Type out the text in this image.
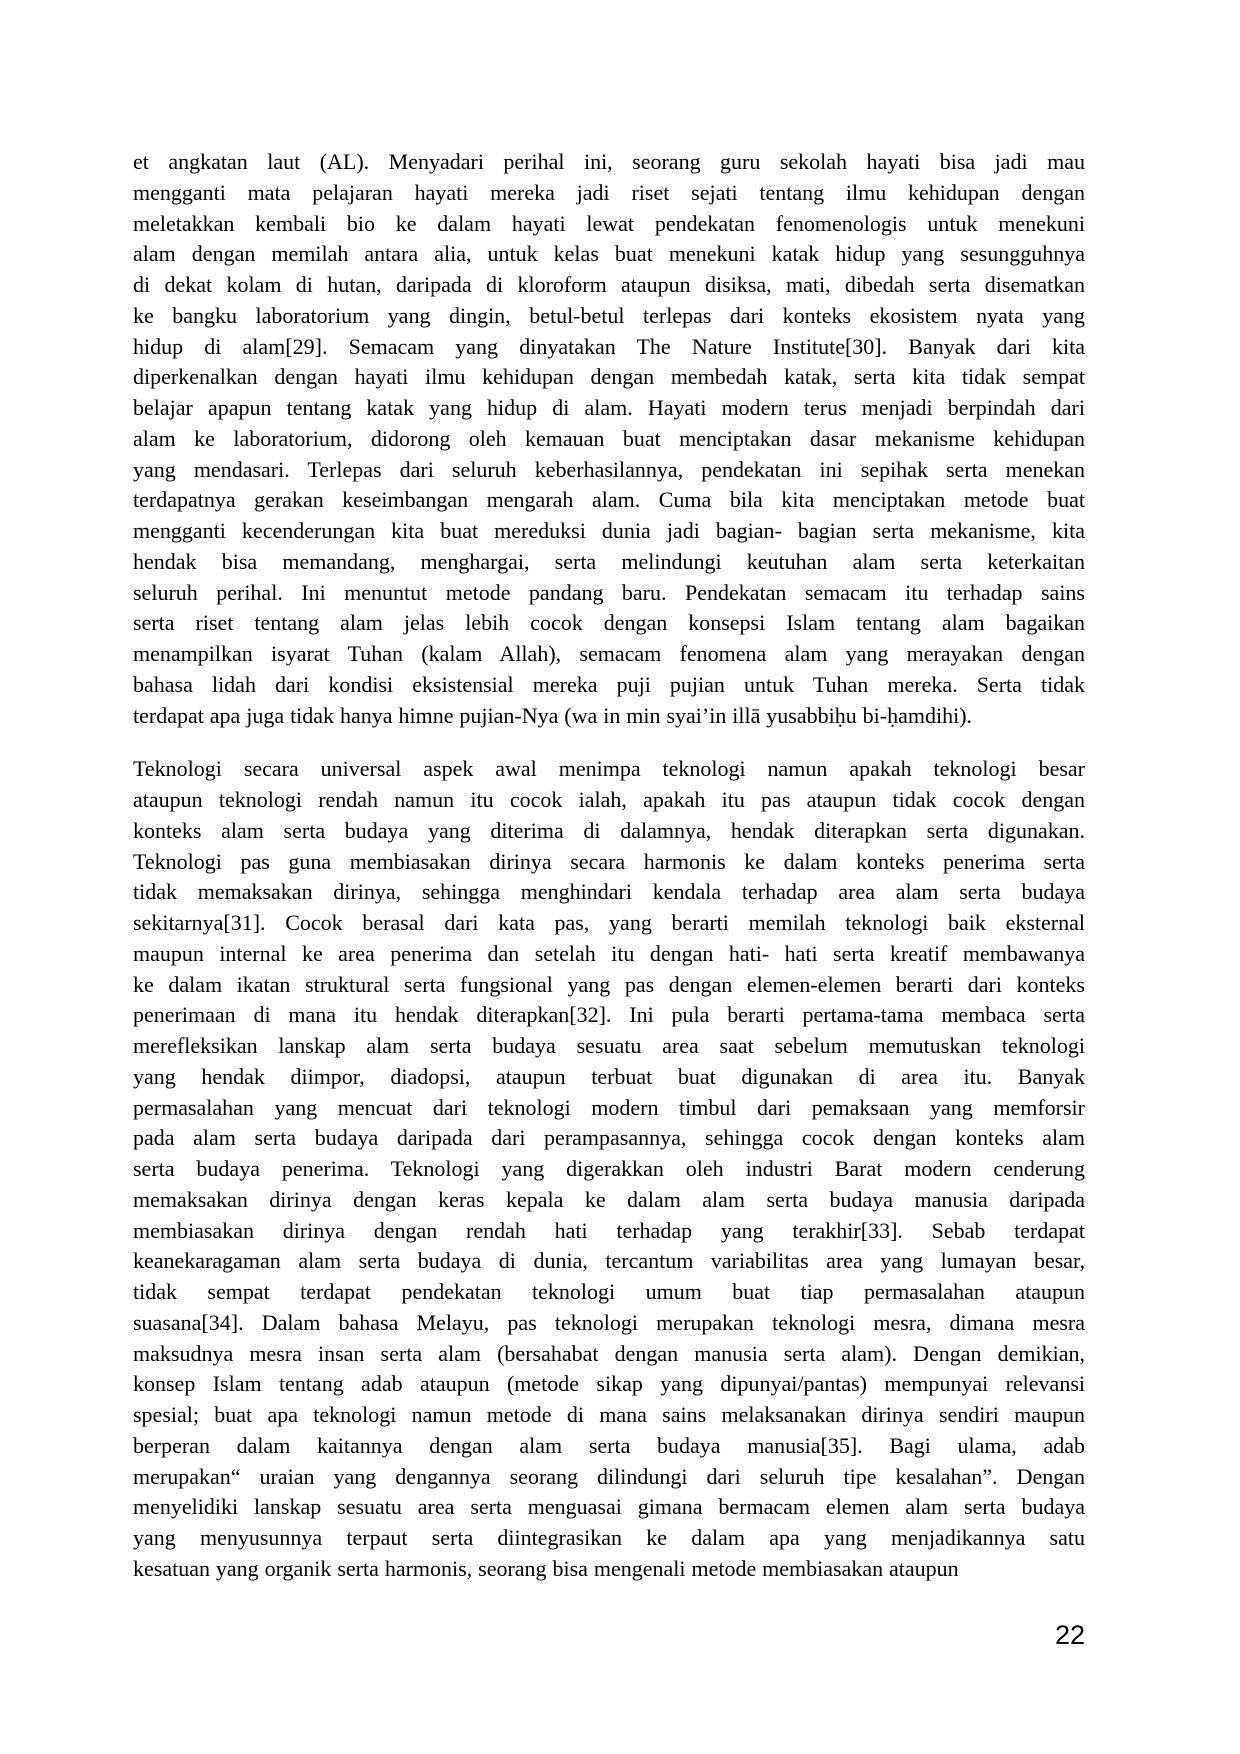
et angkatan laut (AL). Menyadari perihal ini, seorang guru sekolah hayati bisa jadi mau
mengganti mata pelajaran hayati mereka jadi riset sejati tentang ilmu kehidupan dengan
meletakkan kembali bio ke dalam hayati lewat pendekatan fenomenologis untuk menekuni
alam dengan memilah antara alia, untuk kelas buat menekuni katak hidup yang sesungguhnya
di dekat kolam di hutan, daripada di kloroform ataupun disiksa, mati, dibedah serta disematkan
ke bangku laboratorium yang dingin, betul-betul terlepas dari konteks ekosistem nyata yang
hidup di alam[29]. Semacam yang dinyatakan The Nature Institute[30]. Banyak dari kita
diperkenalkan dengan hayati ilmu kehidupan dengan membedah katak, serta kita tidak sempat
belajar apapun tentang katak yang hidup di alam. Hayati modern terus menjadi berpindah dari
alam ke laboratorium, didorong oleh kemauan buat menciptakan dasar mekanisme kehidupan
yang mendasari. Terlepas dari seluruh keberhasilannya, pendekatan ini sepihak serta menekan
terdapatnya gerakan keseimbangan mengarah alam. Cuma bila kita menciptakan metode buat
mengganti kecenderungan kita buat mereduksi dunia jadi bagian- bagian serta mekanisme, kita
hendak bisa memandang, menghargai, serta melindungi keutuhan alam serta keterkaitan
seluruh perihal. Ini menuntut metode pandang baru. Pendekatan semacam itu terhadap sains
serta riset tentang alam jelas lebih cocok dengan konsepsi Islam tentang alam bagaikan
menampilkan isyarat Tuhan (kalam Allah), semacam fenomena alam yang merayakan dengan
bahasa lidah dari kondisi eksistensial mereka puji pujian untuk Tuhan mereka. Serta tidak
terdapat apa juga tidak hanya himne pujian-Nya (wa in min syai’in illā yusabbiḥu bi-ḥamdihi).
Teknologi secara universal aspek awal menimpa teknologi namun apakah teknologi besar
ataupun teknologi rendah namun itu cocok ialah, apakah itu pas ataupun tidak cocok dengan
konteks alam serta budaya yang diterima di dalamnya, hendak diterapkan serta digunakan.
Teknologi pas guna membiasakan dirinya secara harmonis ke dalam konteks penerima serta
tidak memaksakan dirinya, sehingga menghindari kendala terhadap area alam serta budaya
sekitarnya[31]. Cocok berasal dari kata pas, yang berarti memilah teknologi baik eksternal
maupun internal ke area penerima dan setelah itu dengan hati- hati serta kreatif membawanya
ke dalam ikatan struktural serta fungsional yang pas dengan elemen-elemen berarti dari konteks
penerimaan di mana itu hendak diterapkan[32]. Ini pula berarti pertama-tama membaca serta
merefleksikan lanskap alam serta budaya sesuatu area saat sebelum memutuskan teknologi
yang hendak diimpor, diadopsi, ataupun terbuat buat digunakan di area itu. Banyak
permasalahan yang mencuat dari teknologi modern timbul dari pemaksaan yang memforsir
pada alam serta budaya daripada dari perampasannya, sehingga cocok dengan konteks alam
serta budaya penerima. Teknologi yang digerakkan oleh industri Barat modern cenderung
memaksakan dirinya dengan keras kepala ke dalam alam serta budaya manusia daripada
membiasakan dirinya dengan rendah hati terhadap yang terakhir[33]. Sebab terdapat
keanekaragaman alam serta budaya di dunia, tercantum variabilitas area yang lumayan besar,
tidak sempat terdapat pendekatan teknologi umum buat tiap permasalahan ataupun
suasana[34]. Dalam bahasa Melayu, pas teknologi merupakan teknologi mesra, dimana mesra
maksudnya mesra insan serta alam (bersahabat dengan manusia serta alam). Dengan demikian,
konsep Islam tentang adab ataupun (metode sikap yang dipunyai/pantas) mempunyai relevansi
spesial; buat apa teknologi namun metode di mana sains melaksanakan dirinya sendiri maupun
berperan dalam kaitannya dengan alam serta budaya manusia[35]. Bagi ulama, adab
merupakan“ uraian yang dengannya seorang dilindungi dari seluruh tipe kesalahan”. Dengan
menyelidiki lanskap sesuatu area serta menguasai gimana bermacam elemen alam serta budaya
yang menyusunnya terpaut serta diintegrasikan ke dalam apa yang menjadikannya satu
kesatuan yang organik serta harmonis, seorang bisa mengenali metode membiasakan ataupun
22
